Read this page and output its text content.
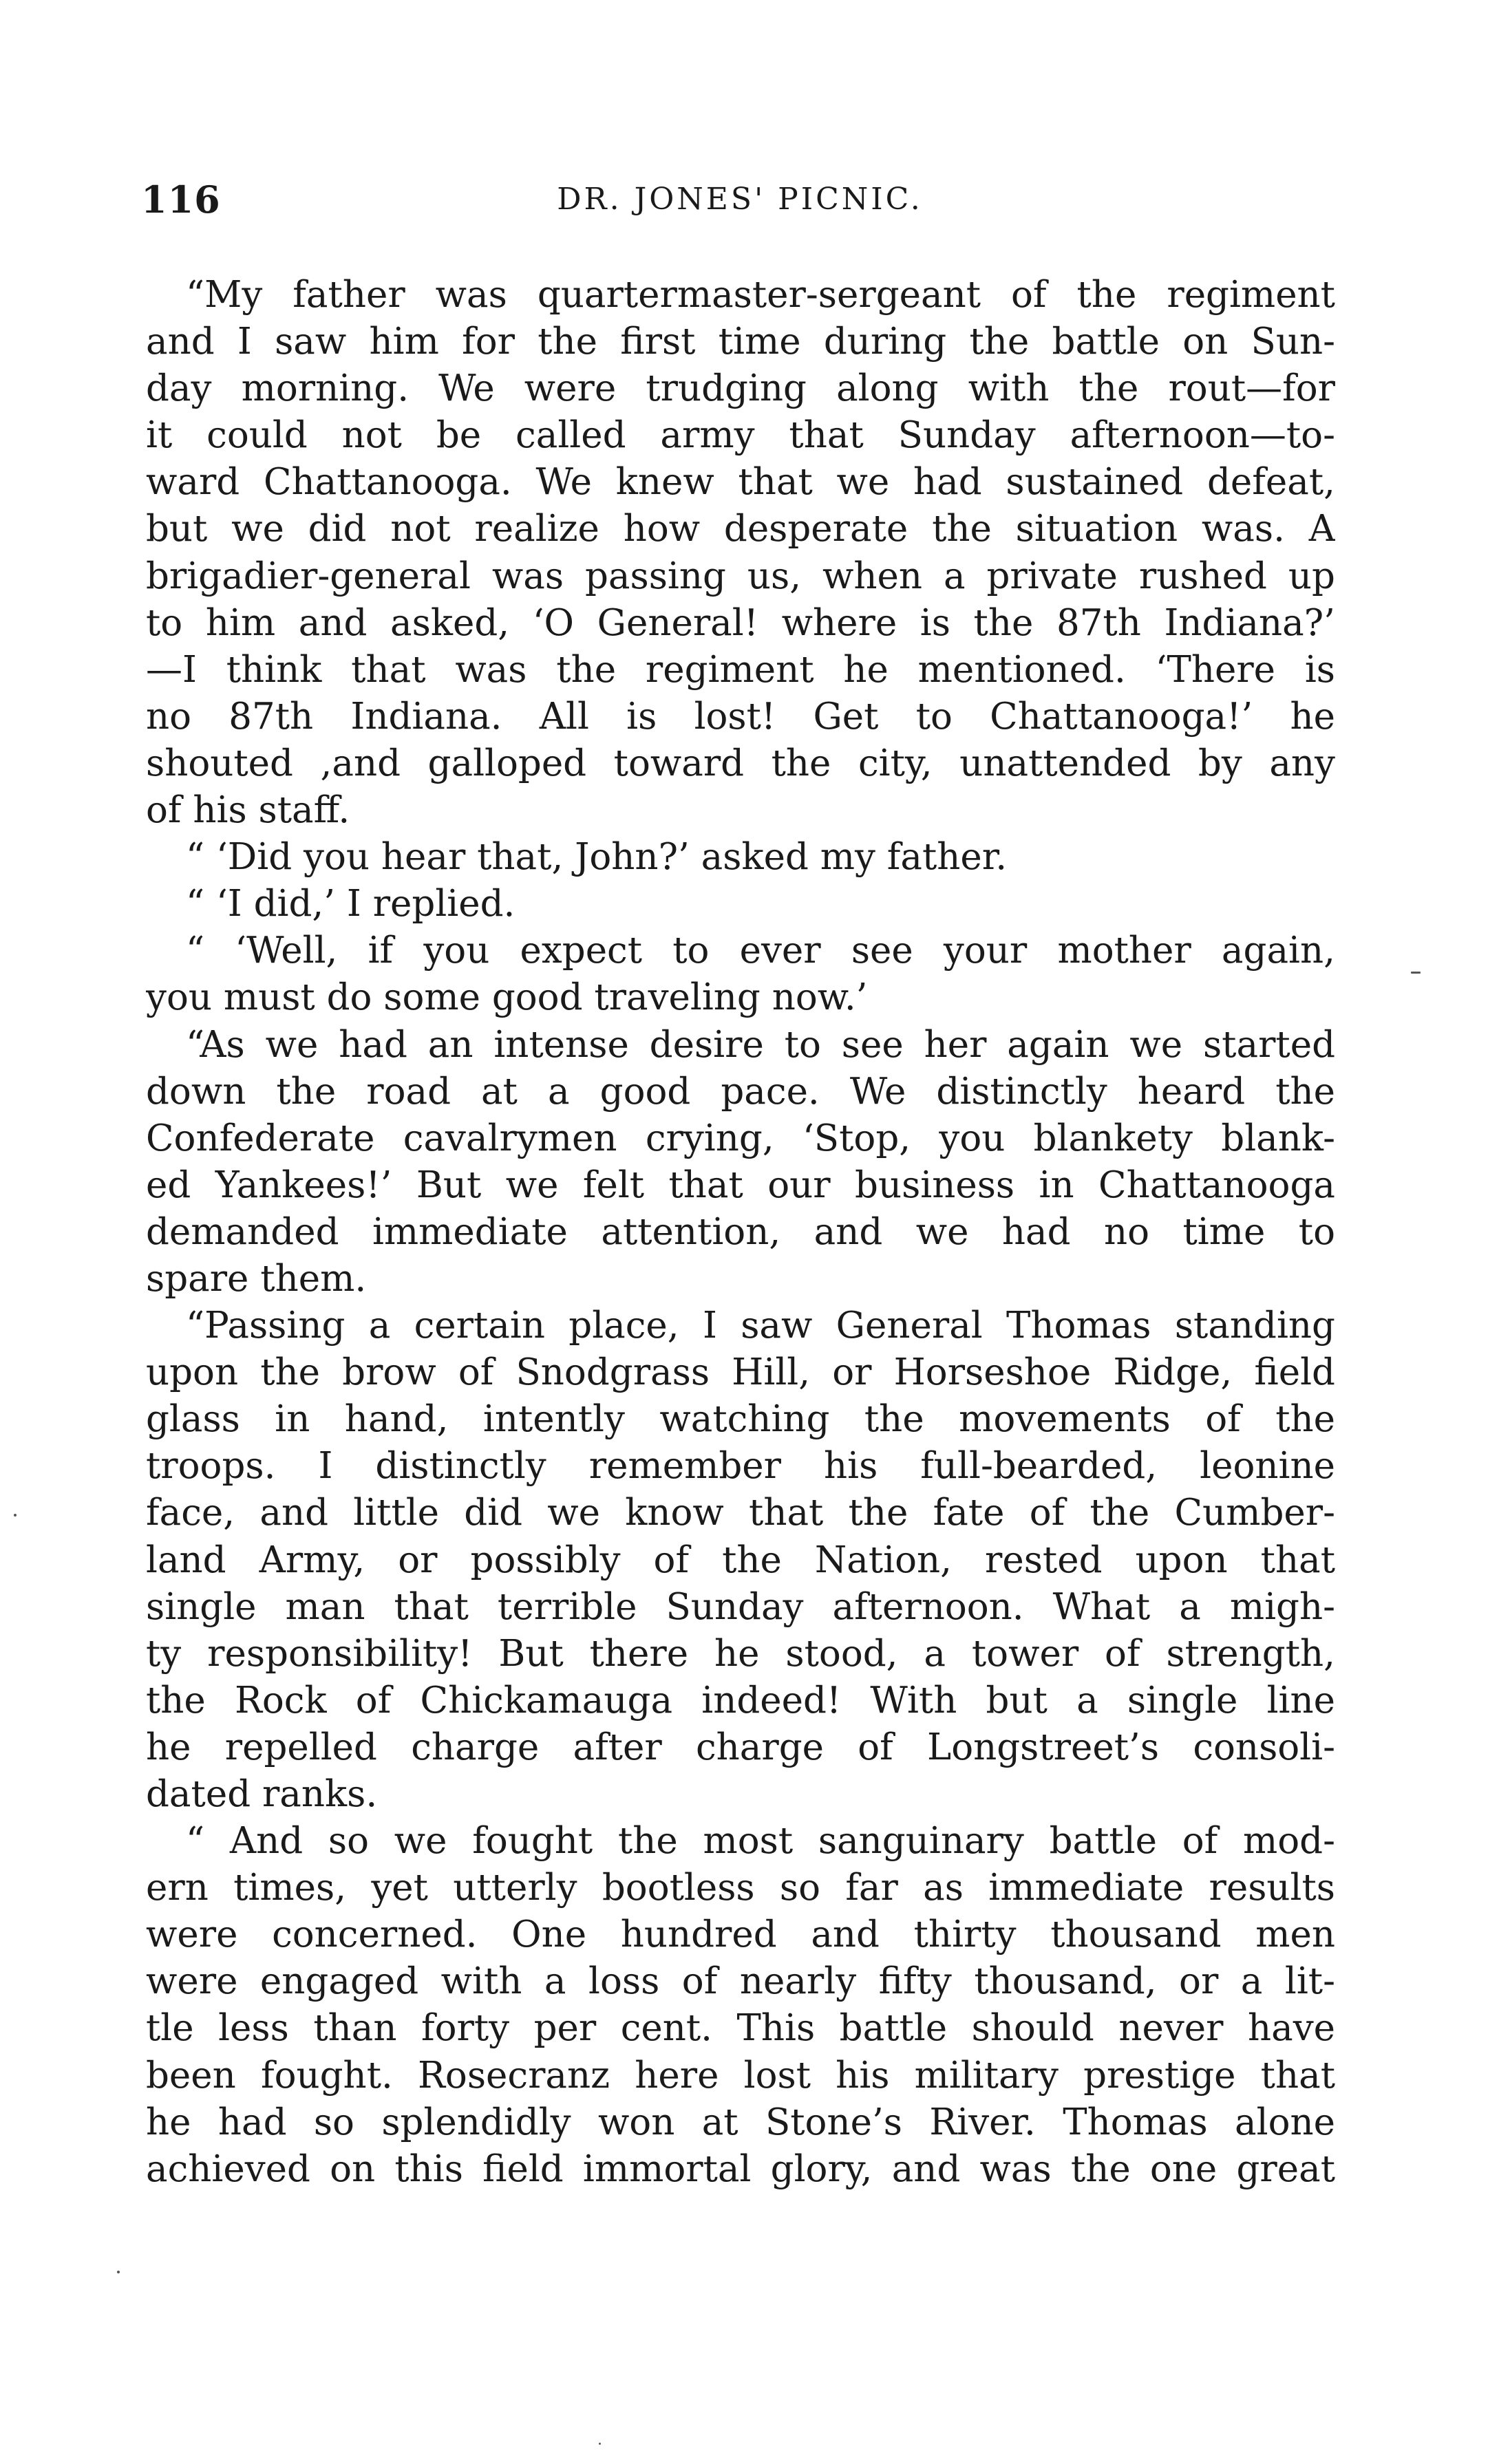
116	DR. JONES' PICNIC.
“My father was quartermaster-sergeant of the regiment
and I saw him for the first time during the battle on Sun-
day morning. We were trudging along with the rout—for
it could not be called army that Sunday afternoon—to-
ward Chattanooga. We knew that we had sustained defeat,
but we did not realize how desperate the situation was. A
brigadier-general was passing us, when a private rushed up
to him and asked, ‘O General! where is the 87th Indiana?’
—I think that was the regiment he mentioned. ‘There is
no 87th Indiana. All is lost! Get to Chattanooga!’ he
shouted ,and galloped toward the city, unattended by any
of his staff.
“ ‘Did you hear that, John?’ asked my father.
“ ‘I did,’ I replied.
“ ‘Well, if you expect to ever see your mother again,
you must do some good traveling now.’
“As we had an intense desire to see her again we started
down the road at a good pace. We distinctly heard the
Confederate cavalrymen crying, ‘Stop, you blankety blank-
ed Yankees!’ But we felt that our business in Chattanooga
demanded immediate attention, and we had no time to
spare them.
“Passing a certain place, I saw General Thomas standing
upon the brow of Snodgrass Hill, or Horseshoe Ridge, field
glass in hand, intently watching the movements of the
troops. I distinctly remember his full-bearded, leonine
face, and little did we know that the fate of the Cumber-
land Army, or possibly of the Nation, rested upon that
single man that terrible Sunday afternoon. What a migh-
ty responsibility! But there he stood, a tower of strength,
the Rock of Chickamauga indeed! With but a single line
he repelled charge after charge of Longstreet’s consoli-
dated ranks.
“ And so we fought the most sanguinary battle of mod-
ern times, yet utterly bootless so far as immediate results
were concerned. One hundred and thirty thousand men
were engaged with a loss of nearly fifty thousand, or a lit-
tle less than forty per cent. This battle should never have
been fought. Rosecranz here lost his military prestige that
he had so splendidly won at Stone’s River. Thomas alone
achieved on this field immortal glory, and was the one great
